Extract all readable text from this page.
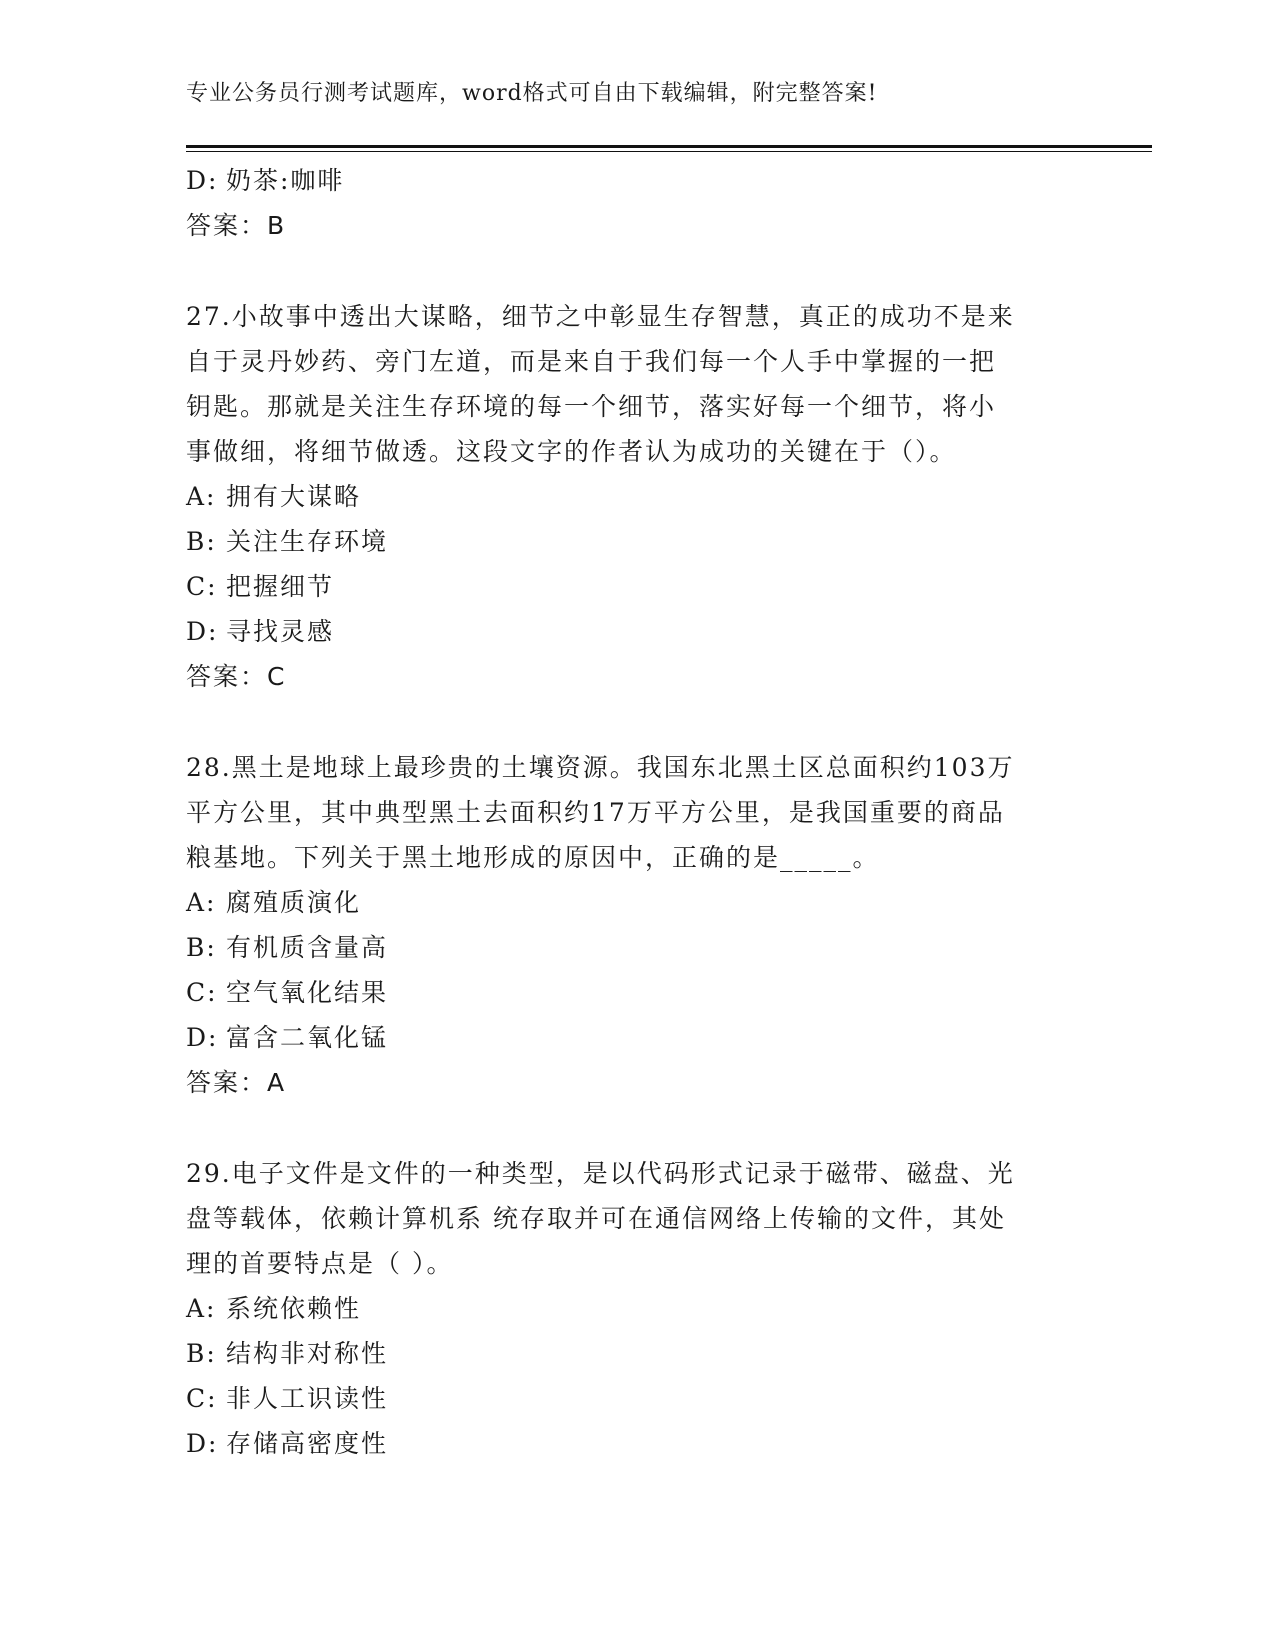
专业公务员行测考试题库，word格式可自由下载编辑，附完整答案!
D: 奶茶:咖啡
答案：B
27.小故事中透出大谋略，细节之中彰显生存智慧，真正的成功不是来
自于灵丹妙药、旁门左道，而是来自于我们每一个人手中掌握的一把
钥匙。那就是关注生存环境的每一个细节，落实好每一个细节，将小
事做细，将细节做透。这段文字的作者认为成功的关键在于（）。
A: 拥有大谋略
B: 关注生存环境
C: 把握细节
D: 寻找灵感
答案：C
28.黑土是地球上最珍贵的土壤资源。我国东北黑土区总面积约103万
平方公里，其中典型黑土去面积约17万平方公里，是我国重要的商品
粮基地。下列关于黑土地形成的原因中，正确的是_____。
A: 腐殖质演化
B: 有机质含量高
C: 空气氧化结果
D: 富含二氧化锰
答案：A
29.电子文件是文件的一种类型，是以代码形式记录于磁带、磁盘、光
盘等载体，依赖计算机系 统存取并可在通信网络上传输的文件，其处
理的首要特点是（ ）。
A: 系统依赖性
B: 结构非对称性
C: 非人工识读性
D: 存储高密度性
